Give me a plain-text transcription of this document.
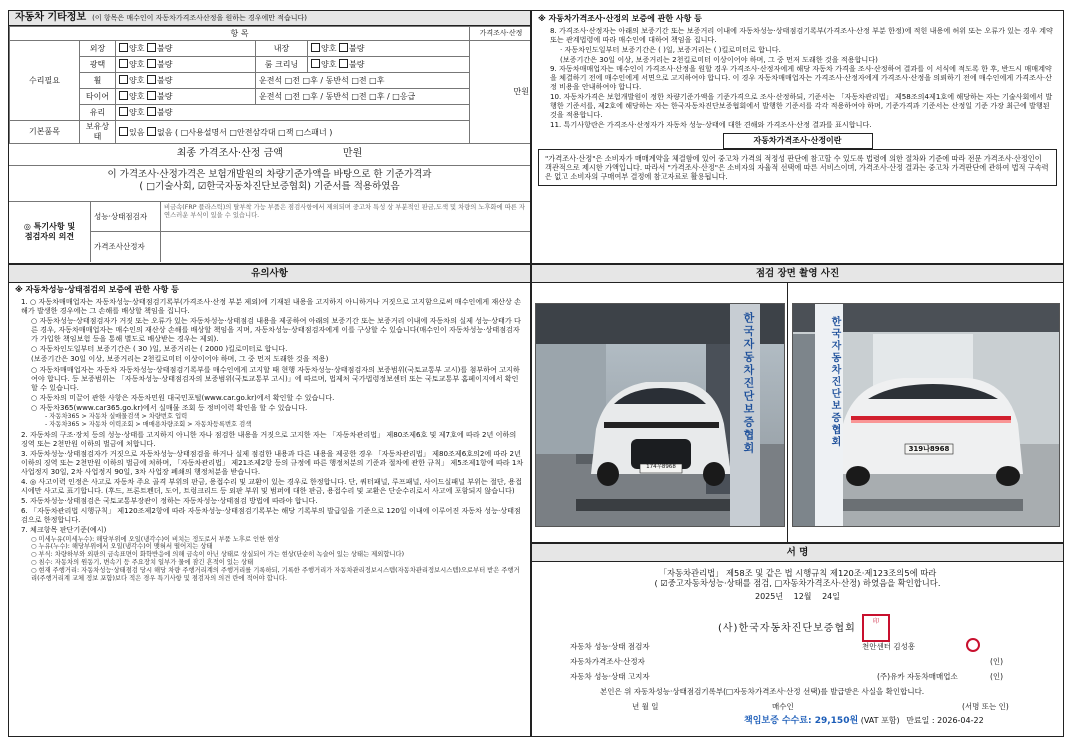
자동차 기타정보 (이 항목은 매수인이 자동차가격조사산정을 원하는 경우에만 적습니다)
항 목					가격조사·산정
수리필요	외장	양호 불량	내장	양호 불량	만원
	광택	양호 불량	룸 크리닝	양호 불량	
	휠	양호 불량	운전석 □전 □후 / 동반석 □전 □후		
	타이어	양호 불량	운전석 □전 □후 / 동반석 □전 □후 / □응급		
	유리	양호 불량			
기본품목	보유상태	있음 없음 ( □사용설명서 □안전삼각대 □잭 □스패너 )			
최종 가격조사·산정 금액	만원
이 가격조사·산정가격은 보험개발원의 차량기준가액을 바탕으로 한 기준가격과
( □기술사회, ☑한국자동차진단보증협회) 기준서를 적용하였음
◎ 특기사항 및
점검자의 의견
성능·상태점검자
비금속(FRP 플라스틱)의 탈부착 가능 부품은 점검사항에서 제외되며 중고차 특성 상 부분적인 판금,도색 및 차량의 노후화에 따른 자연스러운 부식이 있을 수 있습니다.
가격조사산정자
※ 자동차가격조사·산정의 보증에 관한 사항 등
8. 가격조사·산정자는 아래의 보증기간 또는 보증거리 이내에 자동차성능·상태점검기록부(가격조사·산정 부분 한정)에 적힌 내용에 허위 또는 오류가 있는 경우 계약 또는 관계법령에 따라 매수인에 대하여 책임을 집니다.
· 자동차인도일부터 보증기간은 ( )일, 보증거리는 ( )킬로미터로 합니다.
(보증기간은 30일 이상, 보증거리는 2천킬로미터 이상이어야 하며, 그 중 먼저 도래한 것을 적용합니다)
9. 자동차매매업자는 매수인이 가격조사·산정을 원할 경우 가격조사·산정자에게 해당 자동차 가격을 조사·산정하여 결과를 이 서식에 적도록 한 후, 반드시 매매계약을 체결하기 전에 매수인에게 서면으로 고지하여야 합니다. 이 경우 자동차매매업자는 가격조사·산정자에게 가격조사·산정을 의뢰하기 전에 매수인에게 가격조사·산정 비용을 안내하여야 합니다.
10. 자동차가격은 보험개발원이 정한 차량기준가액을 기준가격으로 조사·산정하되, 기준서는 「자동차관리법」 제58조의4제1호에 해당하는 자는 기술사회에서 발행한 기준서를, 제2호에 해당하는 자는 한국자동차진단보증협회에서 발행한 기준서를 각각 적용하여야 하며, 기준가격과 기준서는 산정일 기준 가장 최근에 발행된 것을 적용합니다.
11. 특기사항란은 가격조사·산정자가 자동차 성능·상태에 대한 견해와 가격조사·산정 결과를 표시합니다.
자동차가격조사·산정이란
"가격조사·산정"은 소비자가 매매계약을 체결함에 있어 중고차 가격의 적정성 판단에 참고할 수 있도록 법령에 의한 절차와 기준에 따라 전문 가격조사·산정인이 객관적으로 제시한 가액입니다. 따라서 "가격조사·산정"은 소비자의 자율적 선택에 따른 서비스이며, 가격조사·산정 결과는 중고차 가격판단에 관하여 법적 구속력은 없고 소비자의 구매여부 결정에 참고자료로 활용됩니다.
유의사항
※ 자동차성능·상태점검의 보증에 관한 사항 등
1. ○ 자동차매매업자는 자동차성능·상태점검기록부(가격조사·산정 부분 제외)에 기재된 내용을 고지하지 아니하거나 거짓으로 고지함으로써 매수인에게 재산상 손해가 발생한 경우에는 그 손해를 배상할 책임을 집니다.
○ 자동차성능·상태점검자가 거짓 또는 오류가 있는 자동차성능·상태점검 내용을 제공하여 아래의 보증기간 또는 보증거리 이내에 자동차의 실제 성능·상태가 다른 경우, 자동차매매업자는 매수인의 재산상 손해를 배상할 책임을 지며, 자동차성능·상태점검자에게 이를 구상할 수 있습니다(매수인이 자동차성능·상태점검자가 가입한 책임보험 등을 통해 별도로 배상받는 경우는 제외).
○ 자동차인도일부터 보증기간은 ( 30 )일, 보증거리는 ( 2000 )킬로미터로 합니다.
(보증기간은 30일 이상, 보증거리는 2천킬로미터 이상이어야 하며, 그 중 먼저 도래한 것을 적용)
○ 자동차매매업자는 자동차 자동차성능·상태점검기록부를 매수인에게 고지할 때 현행 자동차성능·상태점검자의 보증범위(국토교통부 고시)를 첨부하여 고지하여야 합니다. 등 보증범위는 「자동차성능·상태점검자의 보증범위(국토교통부 고시)」에 따르며, 법제처 국가법령정보센터 또는 국토교통부 홈페이지에서 확인할 수 있습니다.
○ 자동차의 미끌어 관한 사항은 자동차민원 대국민포털(www.car.go.kr)에서 확인할 수 있습니다.
○ 자동차365(www.car365.go.kr)에서 실매물 조회 등 정비이력 확인을 할 수 있습니다.
- 자동차365 > 자동차 실매물검색 > 차량번호 입력
- 자동차365 > 자동차 이력조회 > 매매용차량조회 > 자동차등록번호 검색
2. 자동차의 구조·장치 등의 성능·상태를 고지하지 아니한 자나 점검한 내용을 거짓으로 고지한 자는 「자동차관리법」 제80조제6호 및 제7호에 따라 2년 이하의 징역 또는 2천만원 이하의 벌금에 처합니다.
3. 자동차성능·상태점검자가 거짓으로 자동차성능·상태점검을 하거나 실제 점검한 내용과 다른 내용을 제공한 경우 「자동차관리법」 제80조제6호의2에 따라 2년 이하의 징역 또는 2천만원 이하의 벌금에 처하며, 「자동차관리법」 제21조제2항 등의 규정에 따른 행정처분의 기준과 절차에 관한 규칙」 제5조제1항에 따라 1차 사업정지 30일, 2차 사업정지 90일, 3차 사업장 폐쇄의 행정처분을 받습니다.
4. ◎ 사고이력 인정은 사고로 자동차 주요 골격 부위의 판금, 용접수리 및 교환이 있는 경우로 한정합니다. 단, 쿼터패널, 루프패널, 사이드실패널 부위는 절단, 용접 시에만 사고로 표기합니다. (후드, 프론트펜더, 도어, 트렁크리드 등 외판 부위 및 범퍼에 대한 판금, 용접수리 및 교환은 단순수리로서 사고에 포함되지 않습니다)
5. 자동차성능·상태점검은 국토교통부장관이 정하는 자동차성능·상태점검 방법에 따라야 합니다.
6. 「자동차관리법 시행규칙」 제120조제2항에 따라 자동차성능·상태점검기록부는 해당 기록부의 발급일을 기준으로 120일 이내에 이루어진 자동차 성능·상태점검으로 한정합니다.
7. 체크항목 판단기준(예시)
○ 미세누유(미세누수): 해당부위에 오일(냉각수)이 비치는 정도로서 부품 노후로 인한 현상
○ 누유(누수): 해당부위에서 오일(냉각수)이 맺혀서 떨어지는 상태
○ 부식: 차량하부와 외판의 금속표면이 화학반응에 의해 금속이 아닌 상태로 상실되어 가는 현상(단순히 녹슬어 있는 상태는 제외합니다)
○ 침수: 자동차의 원동기, 변속기 등 주요장치 일부가 물에 잠긴 흔적이 있는 상태
○ 현재 주행거리: 자동차성능·상태점검 당시 해당 차량 주행거리계의 주행거리를 기록하되, 기록한 주행거리가 자동차관리정보시스템(자동차관리정보시스템)으로부터 받은 주행거리(주행거리계 교체 정보 포함)보다 적은 경우 특기사항 및 점검자의 의견 란에 적어야 합니다.
점검 장면 촬영 사진
174우8968
한국자동차진단보증협회	319나8968
한국자동차진단보증협회
서 명
「자동차관리법」 제58조 및 같은 법 시행규칙 제120조·제123조의5에 따라
( ☑중고자동차성능·상태를 점검, □자동차가격조사·산정) 하였음을 확인합니다.
2025년 12월 24일
(사)한국자동차진단보증협회
印
자동차 성능·상태 점검자	천안센터 김성흥
자동차가격조사·산정자	(인)
자동차 성능·상태 고지자	(주)유카 자동차매매업소	(인)
본인은 위 자동차성능·상태점검기록부(□자동차가격조사·산정 선택)를 발급받은 사실을 확인합니다.
년 월 일	매수인	(서명 또는 인)
책임보증 수수료: 29,150원 (VAT 포함) 만료일 : 2026-04-22
